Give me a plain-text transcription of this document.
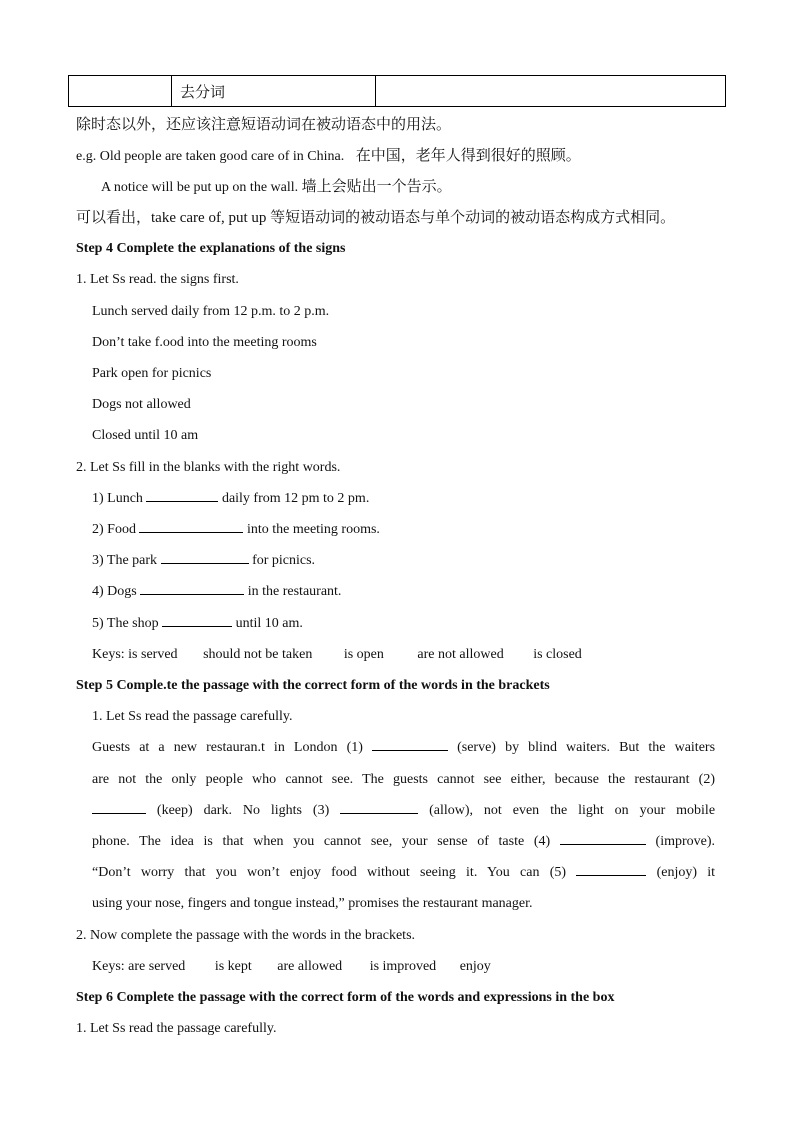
	去分词	
除时态以外，还应该注意短语动词在被动语态中的用法。
e.g. Old people are taken good care of in China. 在中国，老年人得到很好的照顾。
A notice will be put up on the wall. 墙上会贴出一个告示。
可以看出，take care of, put up 等短语动词的被动语态与单个动词的被动语态构成方式相同。
Step 4 Complete the explanations of the signs
1. Let Ss read. the signs first.
Lunch served daily from 12 p.m. to 2 p.m.
Don’t take f.ood into the meeting rooms
Park open for picnics
Dogs not allowed
Closed until 10 am
2. Let Ss fill in the blanks with the right words.
1) Lunch	daily from 12 pm to 2 pm.
2) Food	into the meeting rooms.
3) The park	for picnics.
4) Dogs	in the restaurant.
5) The shop	until 10 am.
Keys: is served should not be taken is open are not allowed is closed
Step 5 Comple.te the passage with the correct form of the words in the brackets
1. Let Ss read the passage carefully.
Guests at a new restauran.t in London (1)	(serve) by blind waiters. But the waiters
are not the only people who cannot see. The guests cannot see either, because the restaurant (2)
(keep) dark. No lights (3)	(allow), not even the light on your mobile
phone. The idea is that when you cannot see, your sense of taste (4)	(improve).
“Don’t worry that you won’t enjoy food without seeing it. You can (5)	(enjoy) it
using your nose, fingers and tongue instead,” promises the restaurant manager.
2. Now complete the passage with the words in the brackets.
Keys: are served is kept are allowed is improved enjoy
Step 6 Complete the passage with the correct form of the words and expressions in the box
1. Let Ss read the passage carefully.
